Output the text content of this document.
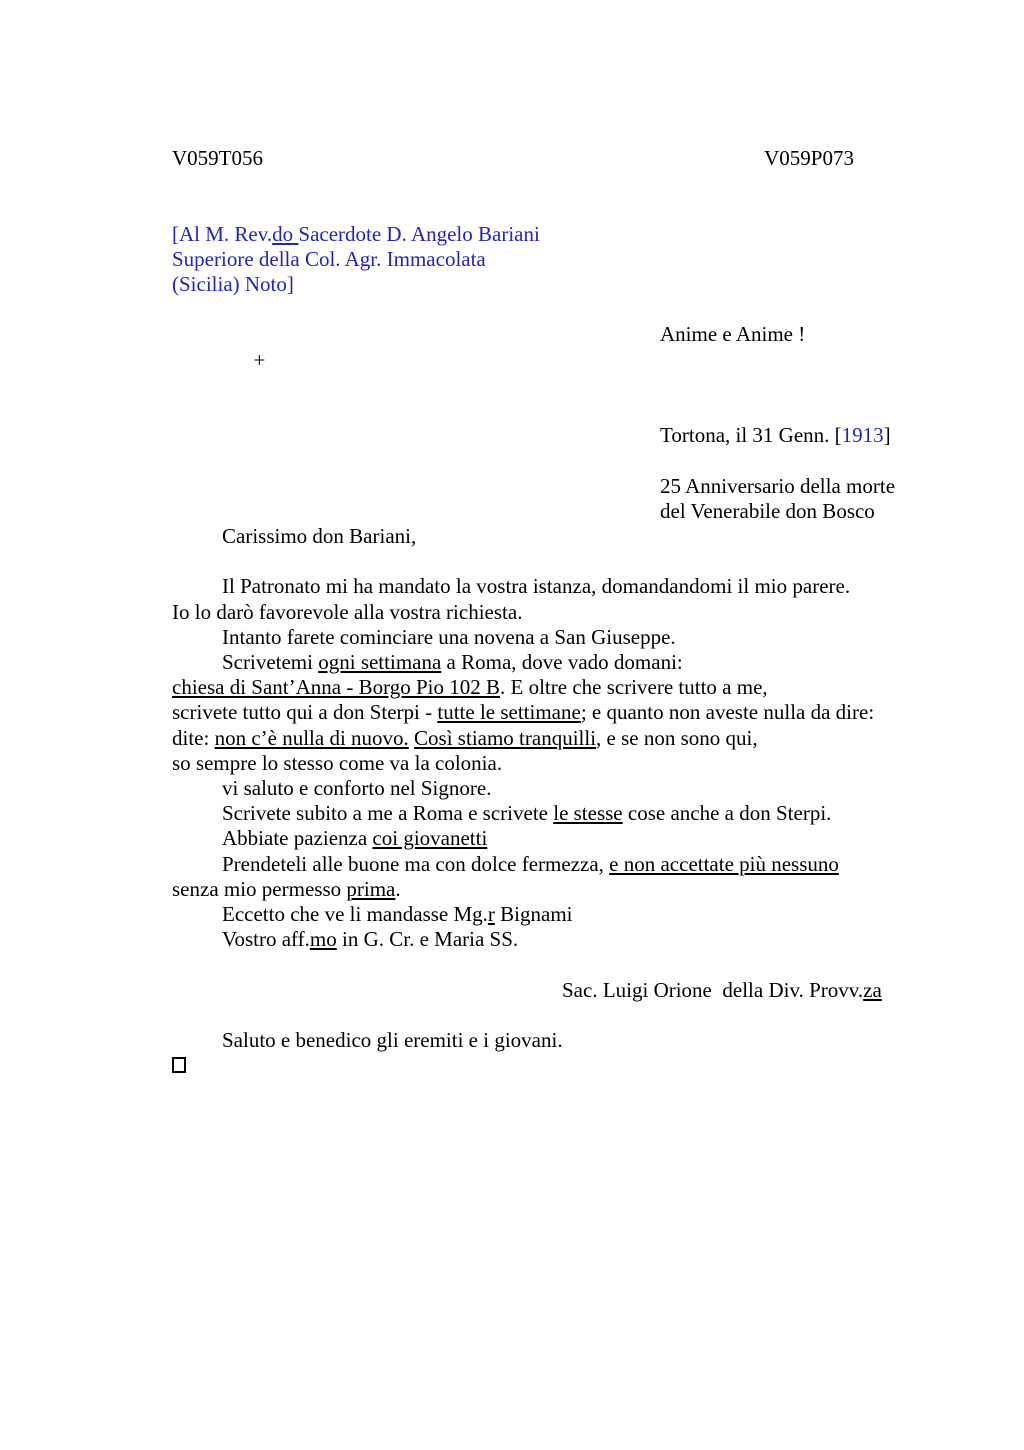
V059T056	V059P073
[Al M. Rev.do Sacerdote D. Angelo Bariani
Superiore della Col. Agr. Immacolata
(Sicilia) Noto]

+

Anime e Anime !

Tortona, il 31 Genn. [1913]
25 Anniversario della morte
del Venerabile don Bosco
Carissimo don Bariani,
Il Patronato mi ha mandato la vostra istanza, domandandomi il mio parere.
Io lo darò favorevole alla vostra richiesta.
Intanto farete cominciare una novena a San Giuseppe.
Scrivetemi ogni settimana a Roma, dove vado domani:
chiesa di Sant’Anna - Borgo Pio 102 B. E oltre che scrivere tutto a me,
scrivete tutto qui a don Sterpi - tutte le settimane; e quanto non aveste nulla da dire:
dite: non c’è nulla di nuovo. Così stiamo tranquilli, e se non sono qui,
so sempre lo stesso come va la colonia.
vi saluto e conforto nel Signore.
Scrivete subito a me a Roma e scrivete le stesse cose anche a don Sterpi.
Abbiate pazienza coi giovanetti
Prendeteli alle buone ma con dolce fermezza, e non accettate più nessuno
senza mio permesso prima.
Eccetto che ve li mandasse Mg.r Bignami
Vostro aff.mo in G. Cr. e Maria SS.
Sac. Luigi Orione  della Div. Provv.za
Saluto e benedico gli eremiti e i giovani.
